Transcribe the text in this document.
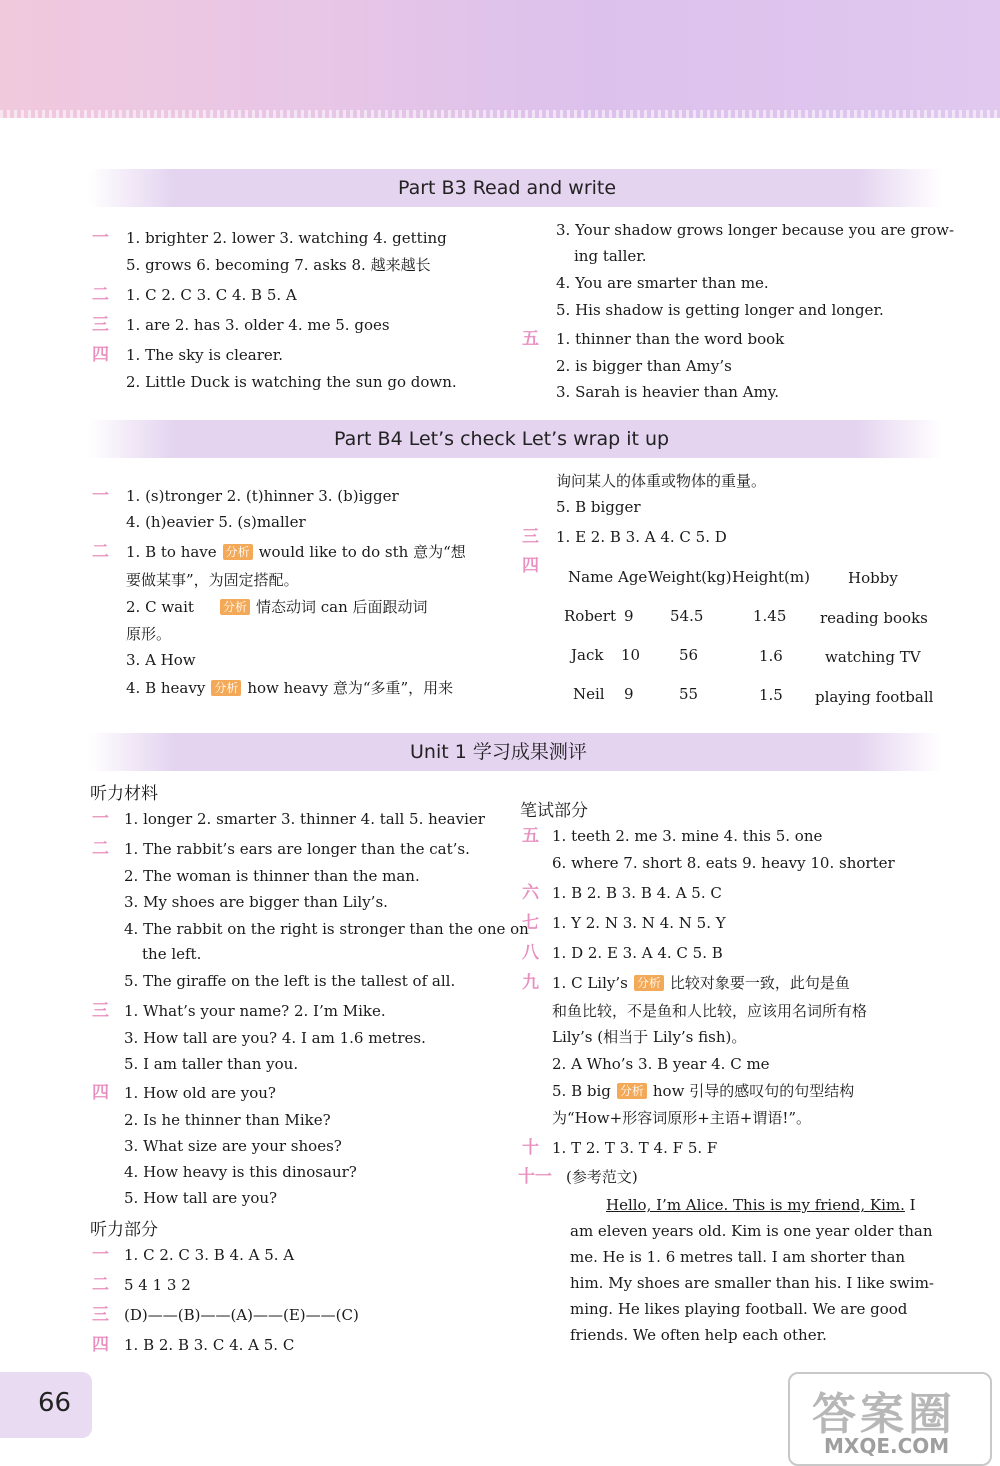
Part B3 Read and write
一 1. brighter 2. lower 3. watching 4. getting
5. grows 6. becoming 7. asks 8. 越来越长
二 1. C 2. C 3. C 4. B 5. A
三 1. are 2. has 3. older 4. me 5. goes
四 1. The sky is clearer.
2. Little Duck is watching the sun go down.
3. Your shadow grows longer because you are grow-
ing taller.
4. You are smarter than me.
5. His shadow is getting longer and longer.
五 1. thinner than the word book
2. is bigger than Amy’s
3. Sarah is heavier than Amy.
Part B4 Let’s check Let’s wrap it up
一 1. (s)tronger 2. (t)hinner 3. (b)igger
4. (h)eavier 5. (s)maller
二 1. B to have 分析 would like to do sth 意为“想
要做某事”，为固定搭配。
2. C wait 分析 情态动词 can 后面跟动词
原形。
3. A How
4. B heavy 分析 how heavy 意为“多重”，用来
询问某人的体重或物体的重量。
5. B bigger
三 1. E 2. B 3. A 4. C 5. D
四
Name Age Weight(kg) Height(m)	Hobby
Robert 9 54.5	1.45 reading books
Jack 10	56	1.6	watching TV
Neil 9	55	1.5 playing football
Unit 1 学习成果测评
听力材料
一 1. longer 2. smarter 3. thinner 4. tall 5. heavier
二 1. The rabbit’s ears are longer than the cat’s.
2. The woman is thinner than the man.
3. My shoes are bigger than Lily’s.
4. The rabbit on the right is stronger than the one on
the left.
5. The giraffe on the left is the tallest of all.
三 1. What’s your name? 2. I’m Mike.
3. How tall are you? 4. I am 1.6 metres.
5. I am taller than you.
四 1. How old are you?
2. Is he thinner than Mike?
3. What size are your shoes?
4. How heavy is this dinosaur?
5. How tall are you?
听力部分
一 1. C 2. C 3. B 4. A 5. A
二 5 4 1 3 2
三 (D)——(B)——(A)——(E)——(C)
四 1. B 2. B 3. C 4. A 5. C
笔试部分
五 1. teeth 2. me 3. mine 4. this 5. one
6. where 7. short 8. eats 9. heavy 10. shorter
六 1. B 2. B 3. B 4. A 5. C
七 1. Y 2. N 3. N 4. N 5. Y
八 1. D 2. E 3. A 4. C 5. B
九 1. C Lily’s 分析 比较对象要一致，此句是鱼
和鱼比较，不是鱼和人比较，应该用名词所有格
Lily’s (相当于 Lily’s fish)。
2. A Who’s 3. B year 4. C me
5. B big 分析 how 引导的感叹句的句型结构
为“How+形容词原形+主语+谓语!”。
十 1. T 2. T 3. T 4. F 5. F
十一 (参考范文)
Hello, I’m Alice. This is my friend, Kim. I
am eleven years old. Kim is one year older than
me. He is 1. 6 metres tall. I am shorter than
him. My shoes are smaller than his. I like swim-
ming. He likes playing football. We are good
friends. We often help each other.
66	答案圈
MXQE.COM
